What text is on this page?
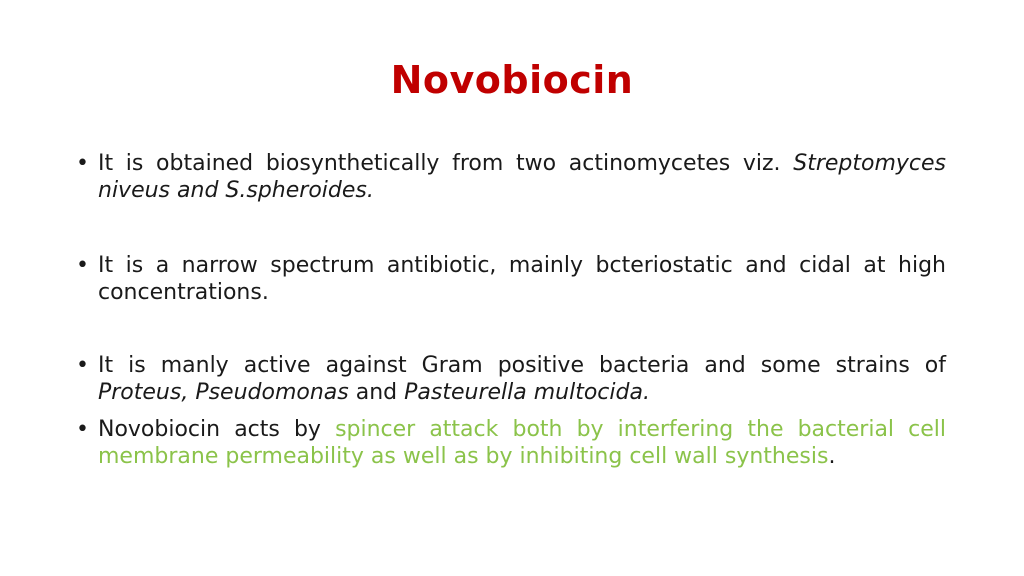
Novobiocin
• It is obtained biosynthetically from two actinomycetes viz. Streptomyces niveus and S.spheroides.
• It is a narrow spectrum antibiotic, mainly bcteriostatic and cidal at high concentrations.
• It is manly active against Gram positive bacteria and some strains of Proteus, Pseudomonas and Pasteurella multocida.
• Novobiocin acts by spincer attack both by interfering the bacterial cell membrane permeability as well as by inhibiting cell wall synthesis.
